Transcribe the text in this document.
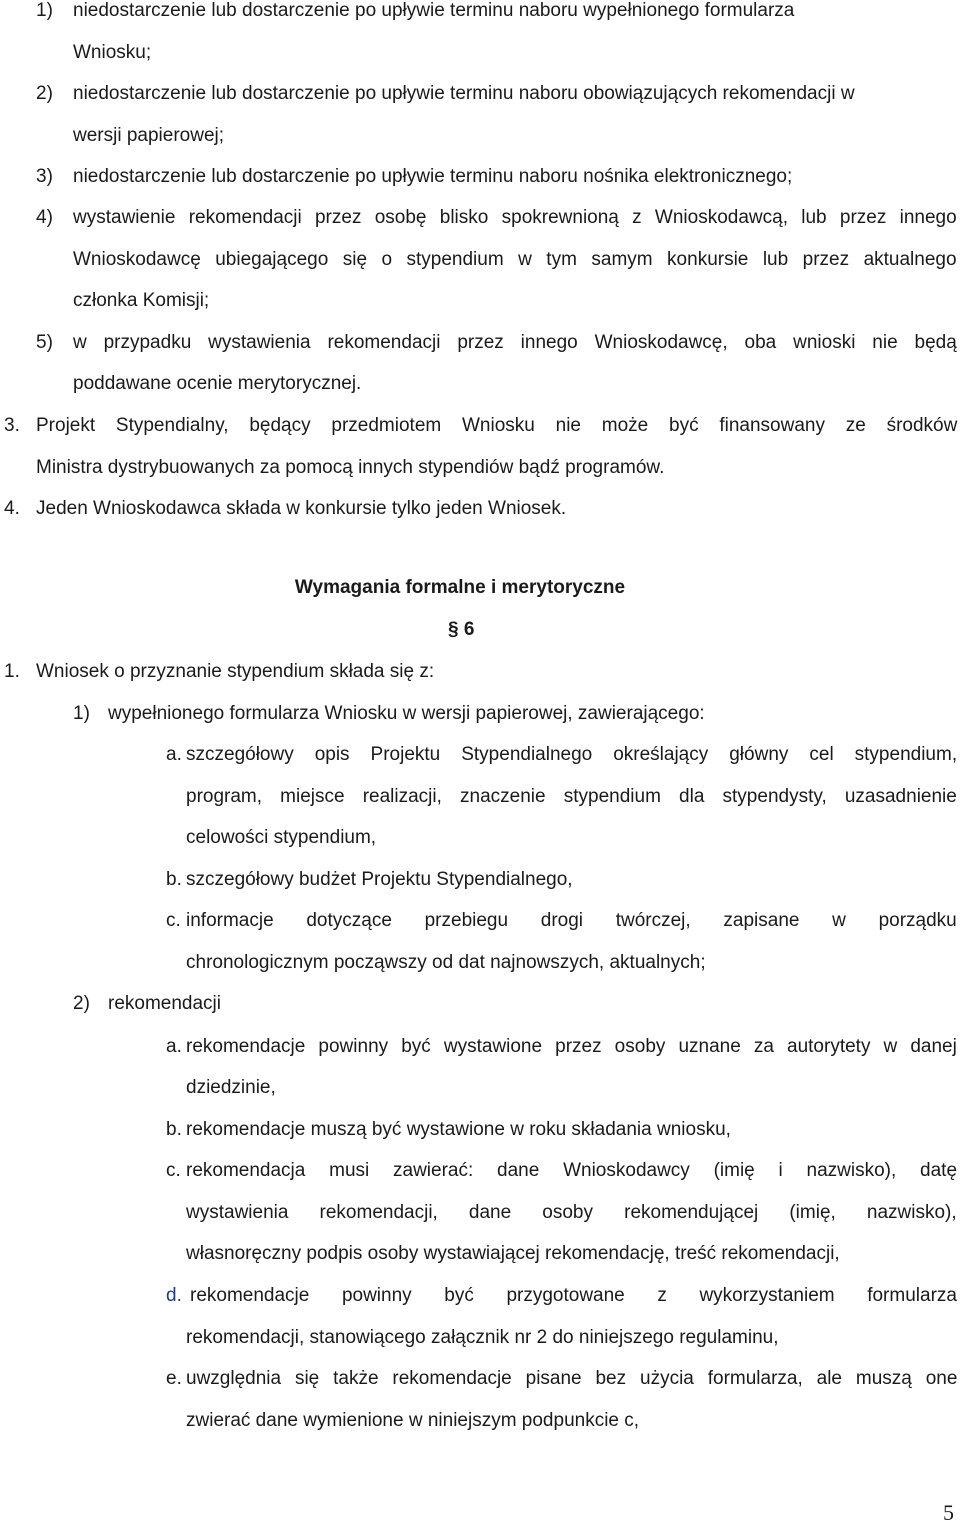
1) niedostarczenie lub dostarczenie po upływie terminu naboru wypełnionego formularza
Wniosku;
2) niedostarczenie lub dostarczenie po upływie terminu naboru obowiązujących rekomendacji w
wersji papierowej;
3) niedostarczenie lub dostarczenie po upływie terminu naboru nośnika elektronicznego;
4) wystawienie rekomendacji przez osobę blisko spokrewnioną z Wnioskodawcą, lub przez innego
Wnioskodawcę ubiegającego się o stypendium w tym samym konkursie lub przez aktualnego
członka Komisji;
5) w przypadku wystawienia rekomendacji przez innego Wnioskodawcę, oba wnioski nie będą
poddawane ocenie merytorycznej.
3. Projekt Stypendialny, będący przedmiotem Wniosku nie może być finansowany ze środków
Ministra dystrybuowanych za pomocą innych stypendiów bądź programów.
4. Jeden Wnioskodawca składa w konkursie tylko jeden Wniosek.
Wymagania formalne i merytoryczne
§ 6
1. Wniosek o przyznanie stypendium składa się z:
1) wypełnionego formularza Wniosku w wersji papierowej, zawierającego:
a. szczegółowy opis Projektu Stypendialnego określający główny cel stypendium,
program, miejsce realizacji, znaczenie stypendium dla stypendysty, uzasadnienie
celowości stypendium,
b. szczegółowy budżet Projektu Stypendialnego,
c. informacje dotyczące przebiegu drogi twórczej, zapisane w porządku
chronologicznym począwszy od dat najnowszych, aktualnych;
2) rekomendacji
a. rekomendacje powinny być wystawione przez osoby uznane za autorytety w danej
dziedzinie,
b. rekomendacje muszą być wystawione w roku składania wniosku,
c. rekomendacja musi zawierać: dane Wnioskodawcy (imię i nazwisko), datę
wystawienia rekomendacji, dane osoby rekomendującej (imię, nazwisko),
własnoręczny podpis osoby wystawiającej rekomendację, treść rekomendacji,
d. rekomendacje powinny być przygotowane z wykorzystaniem formularza
rekomendacji, stanowiącego załącznik nr 2 do niniejszego regulaminu,
e. uwzględnia się także rekomendacje pisane bez użycia formularza, ale muszą one
zwierać dane wymienione w niniejszym podpunkcie c,
5
